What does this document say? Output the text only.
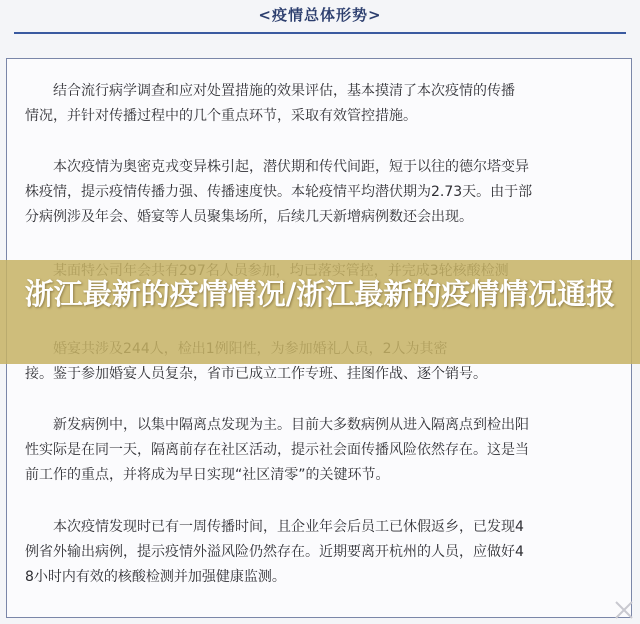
<疫情总体形势>
结合流行病学调查和应对处置措施的效果评估，基本摸清了本次疫情的传播
情况，并针对传播过程中的几个重点环节，采取有效管控措施。
本次疫情为奥密克戎变异株引起，潜伏期和传代间距，短于以往的德尔塔变异
株疫情，提示疫情传播力强、传播速度快。本轮疫情平均潜伏期为2.73天。由于部
分病例涉及年会、婚宴等人员聚集场所，后续几天新增病例数还会出现。
接。鉴于参加婚宴人员复杂，省市已成立工作专班、挂图作战、逐个销号。
新发病例中，以集中隔离点发现为主。目前大多数病例从进入隔离点到检出阳
性实际是在同一天，隔离前存在社区活动，提示社会面传播风险依然存在。这是当
前工作的重点，并将成为早日实现“社区清零”的关键环节。
本次疫情发现时已有一周传播时间，且企业年会后员工已休假返乡，已发现4
例省外输出病例，提示疫情外溢风险仍然存在。近期要离开杭州的人员，应做好4
8小时内有效的核酸检测并加强健康监测。
浙江最新的疫情情况/浙江最新的疫情情况通报
